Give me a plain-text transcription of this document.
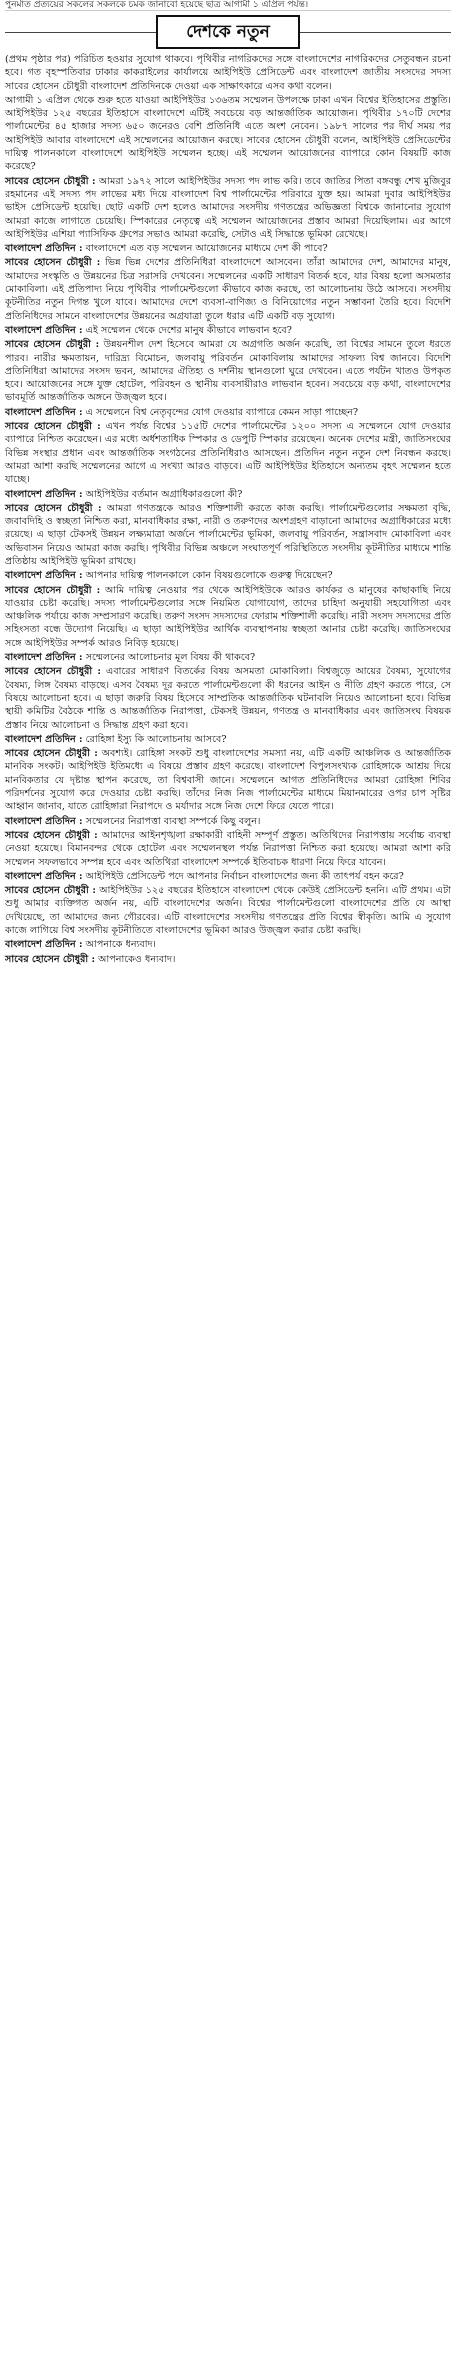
পুনর্মাত প্রত্যয়ের সকলের সকলকে চমক জানাবো হয়েছে ছাত্র আগামী ১ এপ্রিল পর্যন্ত।
দেশকে নতুন

(প্রথম পৃষ্ঠার পর) পরিচিত হওয়ার সুযোগ থাকবে। পৃথিবীর নাগরিকদের সঙ্গে বাংলাদেশের নাগরিকদের সেতুবন্ধন রচনা হবে। গত বৃহস্পতিবার ঢাকার কাকরাইলের কার্যালয়ে আইপিইউ প্রেসিডেন্ট এবং বাংলাদেশ জাতীয় সংসদের সদস্য সাবের হোসেন চৌধুরী বাংলাদেশ প্রতিদিনকে দেওয়া এক সাক্ষাৎকারে এসব কথা বলেন।

আগামী ১ এপ্রিল থেকে শুরু হতে যাওয়া আইপিইউর ১৩৬তম সম্মেলন উপলক্ষে ঢাকা এখন বিশ্বের ইতিহাসের প্রস্তুতি। আইপিইউর ১২৫ বছরের ইতিহাসে বাংলাদেশে এটিই সবচেয়ে বড় আন্তর্জাতিক আয়োজন। পৃথিবীর ১৭০টি দেশের পার্লামেন্টের ৪৫ হাজার সদস্য ৬৫০ জনেরও বেশি প্রতিনিধি এতে অংশ নেবেন। ১৯৮৭ সালের পর দীর্ঘ সময় পর আইপিইউ আবার বাংলাদেশে এই সম্মেলনের আয়োজন করছে। সাবের হোসেন চৌধুরী বলেন, আইপিইউ প্রেসিডেন্টের দায়িত্ব পালনকালে বাংলাদেশে আইপিইউ সম্মেলন হচ্ছে। এই সম্মেলন আয়োজনের ব্যাপারে কোন বিষয়টি কাজ করেছে?

সাবের হোসেন চৌধুরী : আমরা ১৯৭২ সালে আইপিইউর সদস্য পদ লাভ করি। তবে জাতির পিতা বঙ্গবন্ধু শেখ মুজিবুর রহমানের এই সদস্য পদ লাভের মধ্য দিয়ে বাংলাদেশ বিশ্ব পার্লামেন্টের পরিবারে যুক্ত হয়। আমরা দুবার আইপিইউর ভাইস প্রেসিডেন্ট হয়েছি। ছোট একটি দেশ হলেও আমাদের সংসদীয় গণতন্ত্রের অভিজ্ঞতা বিশ্বকে জানানোর সুযোগ আমরা কাজে লাগাতে চেয়েছি। স্পিকারের নেতৃত্বে এই সম্মেলন আয়োজনের প্রস্তাব আমরা দিয়েছিলাম। এর আগে আইপিইউর এশিয়া প্যাসিফিক গ্রুপের সভাও আমরা করেছি, সেটাও এই সিদ্ধান্তে ভূমিকা রেখেছে।

বাংলাদেশ প্রতিদিন : বাংলাদেশে এত বড় সম্মেলন আয়োজনের মাধ্যমে দেশ কী পাবে?

সাবের হোসেন চৌধুরী : ভিন্ন ভিন্ন দেশের প্রতিনিধিরা বাংলাদেশে আসবেন। তাঁরা আমাদের দেশ, আমাদের মানুষ, আমাদের সংস্কৃতি ও উন্নয়নের চিত্র সরাসরি দেখবেন। সম্মেলনের একটি সাধারণ বিতর্ক হবে, যার বিষয় হলো অসমতার মোকাবিলা। এই প্রতিপাদ্য নিয়ে পৃথিবীর পার্লামেন্টগুলো কীভাবে কাজ করছে, তা আলোচনায় উঠে আসবে। সংসদীয় কূটনীতির নতুন দিগন্ত খুলে যাবে। আমাদের দেশে ব্যবসা-বাণিজ্য ও বিনিয়োগের নতুন সম্ভাবনা তৈরি হবে। বিদেশি প্রতিনিধিদের সামনে বাংলাদেশের উন্নয়নের অগ্রযাত্রা তুলে ধরার এটি একটি বড় সুযোগ।

বাংলাদেশ প্রতিদিন : এই সম্মেলন থেকে দেশের মানুষ কীভাবে লাভবান হবে?

সাবের হোসেন চৌধুরী : উন্নয়নশীল দেশ হিসেবে আমরা যে অগ্রগতি অর্জন করেছি, তা বিশ্বের সামনে তুলে ধরতে পারব। নারীর ক্ষমতায়ন, দারিদ্র্য বিমোচন, জলবায়ু পরিবর্তন মোকাবিলায় আমাদের সাফল্য বিশ্ব জানবে। বিদেশি প্রতিনিধিরা আমাদের সংসদ ভবন, আমাদের ঐতিহ্য ও দর্শনীয় স্থানগুলো ঘুরে দেখবেন। এতে পর্যটন খাতও উপকৃত হবে। আয়োজনের সঙ্গে যুক্ত হোটেল, পরিবহন ও স্থানীয় ব্যবসায়ীরাও লাভবান হবেন। সবচেয়ে বড় কথা, বাংলাদেশের ভাবমূর্তি আন্তর্জাতিক অঙ্গনে উজ্জ্বল হবে।

বাংলাদেশ প্রতিদিন : এ সম্মেলনে বিশ্ব নেতৃবৃন্দের যোগ দেওয়ার ব্যাপারে কেমন সাড়া পাচ্ছেন?

সাবের হোসেন চৌধুরী : এখন পর্যন্ত বিশ্বের ১১৫টি দেশের পার্লামেন্টের ১২০০ সদস্য এ সম্মেলনে যোগ দেওয়ার ব্যাপারে নিশ্চিত করেছেন। এর মধ্যে অর্ধশতাধিক স্পিকার ও ডেপুটি স্পিকার রয়েছেন। অনেক দেশের মন্ত্রী, জাতিসংঘের বিভিন্ন সংস্থার প্রধান এবং আন্তর্জাতিক সংগঠনের প্রতিনিধিরাও আসছেন। প্রতিদিন নতুন নতুন দেশ নিবন্ধন করছে। আমরা আশা করছি সম্মেলনের আগে এ সংখ্যা আরও বাড়বে। এটি আইপিইউর ইতিহাসে অন্যতম বৃহৎ সম্মেলন হতে যাচ্ছে।

বাংলাদেশ প্রতিদিন : আইপিইউর বর্তমান অগ্রাধিকারগুলো কী?

সাবের হোসেন চৌধুরী : আমরা গণতন্ত্রকে আরও শক্তিশালী করতে কাজ করছি। পার্লামেন্টগুলোর সক্ষমতা বৃদ্ধি, জবাবদিহি ও স্বচ্ছতা নিশ্চিত করা, মানবাধিকার রক্ষা, নারী ও তরুণদের অংশগ্রহণ বাড়ানো আমাদের অগ্রাধিকারের মধ্যে রয়েছে। এ ছাড়া টেকসই উন্নয়ন লক্ষ্যমাত্রা অর্জনে পার্লামেন্টের ভূমিকা, জলবায়ু পরিবর্তন, সন্ত্রাসবাদ মোকাবিলা এবং অভিবাসন নিয়েও আমরা কাজ করছি। পৃথিবীর বিভিন্ন অঞ্চলে সংঘাতপূর্ণ পরিস্থিতিতে সংসদীয় কূটনীতির মাধ্যমে শান্তি প্রতিষ্ঠায় আইপিইউ ভূমিকা রাখছে।

বাংলাদেশ প্রতিদিন : আপনার দায়িত্ব পালনকালে কোন বিষয়গুলোকে গুরুত্ব দিয়েছেন?

সাবের হোসেন চৌধুরী : আমি দায়িত্ব নেওয়ার পর থেকে আইপিইউকে আরও কার্যকর ও মানুষের কাছাকাছি নিয়ে যাওয়ার চেষ্টা করেছি। সদস্য পার্লামেন্টগুলোর সঙ্গে নিয়মিত যোগাযোগ, তাদের চাহিদা অনুযায়ী সহযোগিতা এবং আঞ্চলিক পর্যায়ে কাজ সম্প্রসারণ করেছি। তরুণ সংসদ সদস্যদের ফোরাম শক্তিশালী করেছি। নারী সংসদ সদস্যদের প্রতি সহিংসতা বন্ধে উদ্যোগ নিয়েছি। এ ছাড়া আইপিইউর আর্থিক ব্যবস্থাপনায় স্বচ্ছতা আনার চেষ্টা করেছি। জাতিসংঘের সঙ্গে আইপিইউর সম্পর্ক আরও নিবিড় হয়েছে।

বাংলাদেশ প্রতিদিন : সম্মেলনের আলোচনার মূল বিষয় কী থাকবে?

সাবের হোসেন চৌধুরী : এবারের সাধারণ বিতর্কের বিষয় অসমতা মোকাবিলা। বিশ্বজুড়ে আয়ের বৈষম্য, সুযোগের বৈষম্য, লিঙ্গ বৈষম্য বাড়ছে। এসব বৈষম্য দূর করতে পার্লামেন্টগুলো কী ধরনের আইন ও নীতি গ্রহণ করতে পারে, সে বিষয়ে আলোচনা হবে। এ ছাড়া জরুরি বিষয় হিসেবে সাম্প্রতিক আন্তর্জাতিক ঘটনাবলি নিয়েও আলোচনা হবে। বিভিন্ন স্থায়ী কমিটির বৈঠকে শান্তি ও আন্তর্জাতিক নিরাপত্তা, টেকসই উন্নয়ন, গণতন্ত্র ও মানবাধিকার এবং জাতিসংঘ বিষয়ক প্রস্তাব নিয়ে আলোচনা ও সিদ্ধান্ত গ্রহণ করা হবে।

বাংলাদেশ প্রতিদিন : রোহিঙ্গা ইস্যু কি আলোচনায় আসবে?

সাবের হোসেন চৌধুরী : অবশ্যই। রোহিঙ্গা সংকট শুধু বাংলাদেশের সমস্যা নয়, এটি একটি আঞ্চলিক ও আন্তর্জাতিক মানবিক সংকট। আইপিইউ ইতিমধ্যে এ বিষয়ে প্রস্তাব গ্রহণ করেছে। বাংলাদেশ বিপুলসংখ্যক রোহিঙ্গাকে আশ্রয় দিয়ে মানবিকতার যে দৃষ্টান্ত স্থাপন করেছে, তা বিশ্ববাসী জানে। সম্মেলনে আগত প্রতিনিধিদের আমরা রোহিঙ্গা শিবির পরিদর্শনের সুযোগ করে দেওয়ার চেষ্টা করছি। তাঁদের নিজ নিজ পার্লামেন্টের মাধ্যমে মিয়ানমারের ওপর চাপ সৃষ্টির আহ্বান জানাব, যাতে রোহিঙ্গারা নিরাপদে ও মর্যাদার সঙ্গে নিজ দেশে ফিরে যেতে পারে।

বাংলাদেশ প্রতিদিন : সম্মেলনের নিরাপত্তা ব্যবস্থা সম্পর্কে কিছু বলুন।

সাবের হোসেন চৌধুরী : আমাদের আইনশৃঙ্খলা রক্ষাকারী বাহিনী সম্পূর্ণ প্রস্তুত। অতিথিদের নিরাপত্তায় সর্বোচ্চ ব্যবস্থা নেওয়া হয়েছে। বিমানবন্দর থেকে হোটেল এবং সম্মেলনস্থল পর্যন্ত নিরাপত্তা নিশ্চিত করা হয়েছে। আমরা আশা করি সম্মেলন সফলভাবে সম্পন্ন হবে এবং অতিথিরা বাংলাদেশ সম্পর্কে ইতিবাচক ধারণা নিয়ে ফিরে যাবেন।

বাংলাদেশ প্রতিদিন : আইপিইউ প্রেসিডেন্ট পদে আপনার নির্বাচন বাংলাদেশের জন্য কী তাৎপর্য বহন করে?

সাবের হোসেন চৌধুরী : আইপিইউর ১২৫ বছরের ইতিহাসে বাংলাদেশ থেকে কেউই প্রেসিডেন্ট হননি। এটি প্রথম। এটা শুধু আমার ব্যক্তিগত অর্জন নয়, এটি বাংলাদেশের অর্জন। বিশ্বের পার্লামেন্টগুলো বাংলাদেশের প্রতি যে আস্থা দেখিয়েছে, তা আমাদের জন্য গৌরবের। এটি বাংলাদেশের সংসদীয় গণতন্ত্রের প্রতি বিশ্বের স্বীকৃতি। আমি এ সুযোগ কাজে লাগিয়ে বিশ্ব সংসদীয় কূটনীতিতে বাংলাদেশের ভূমিকা আরও উজ্জ্বল করার চেষ্টা করছি।

বাংলাদেশ প্রতিদিন : আপনাকে ধন্যবাদ।

সাবের হোসেন চৌধুরী : আপনাকেও ধন্যবাদ।
